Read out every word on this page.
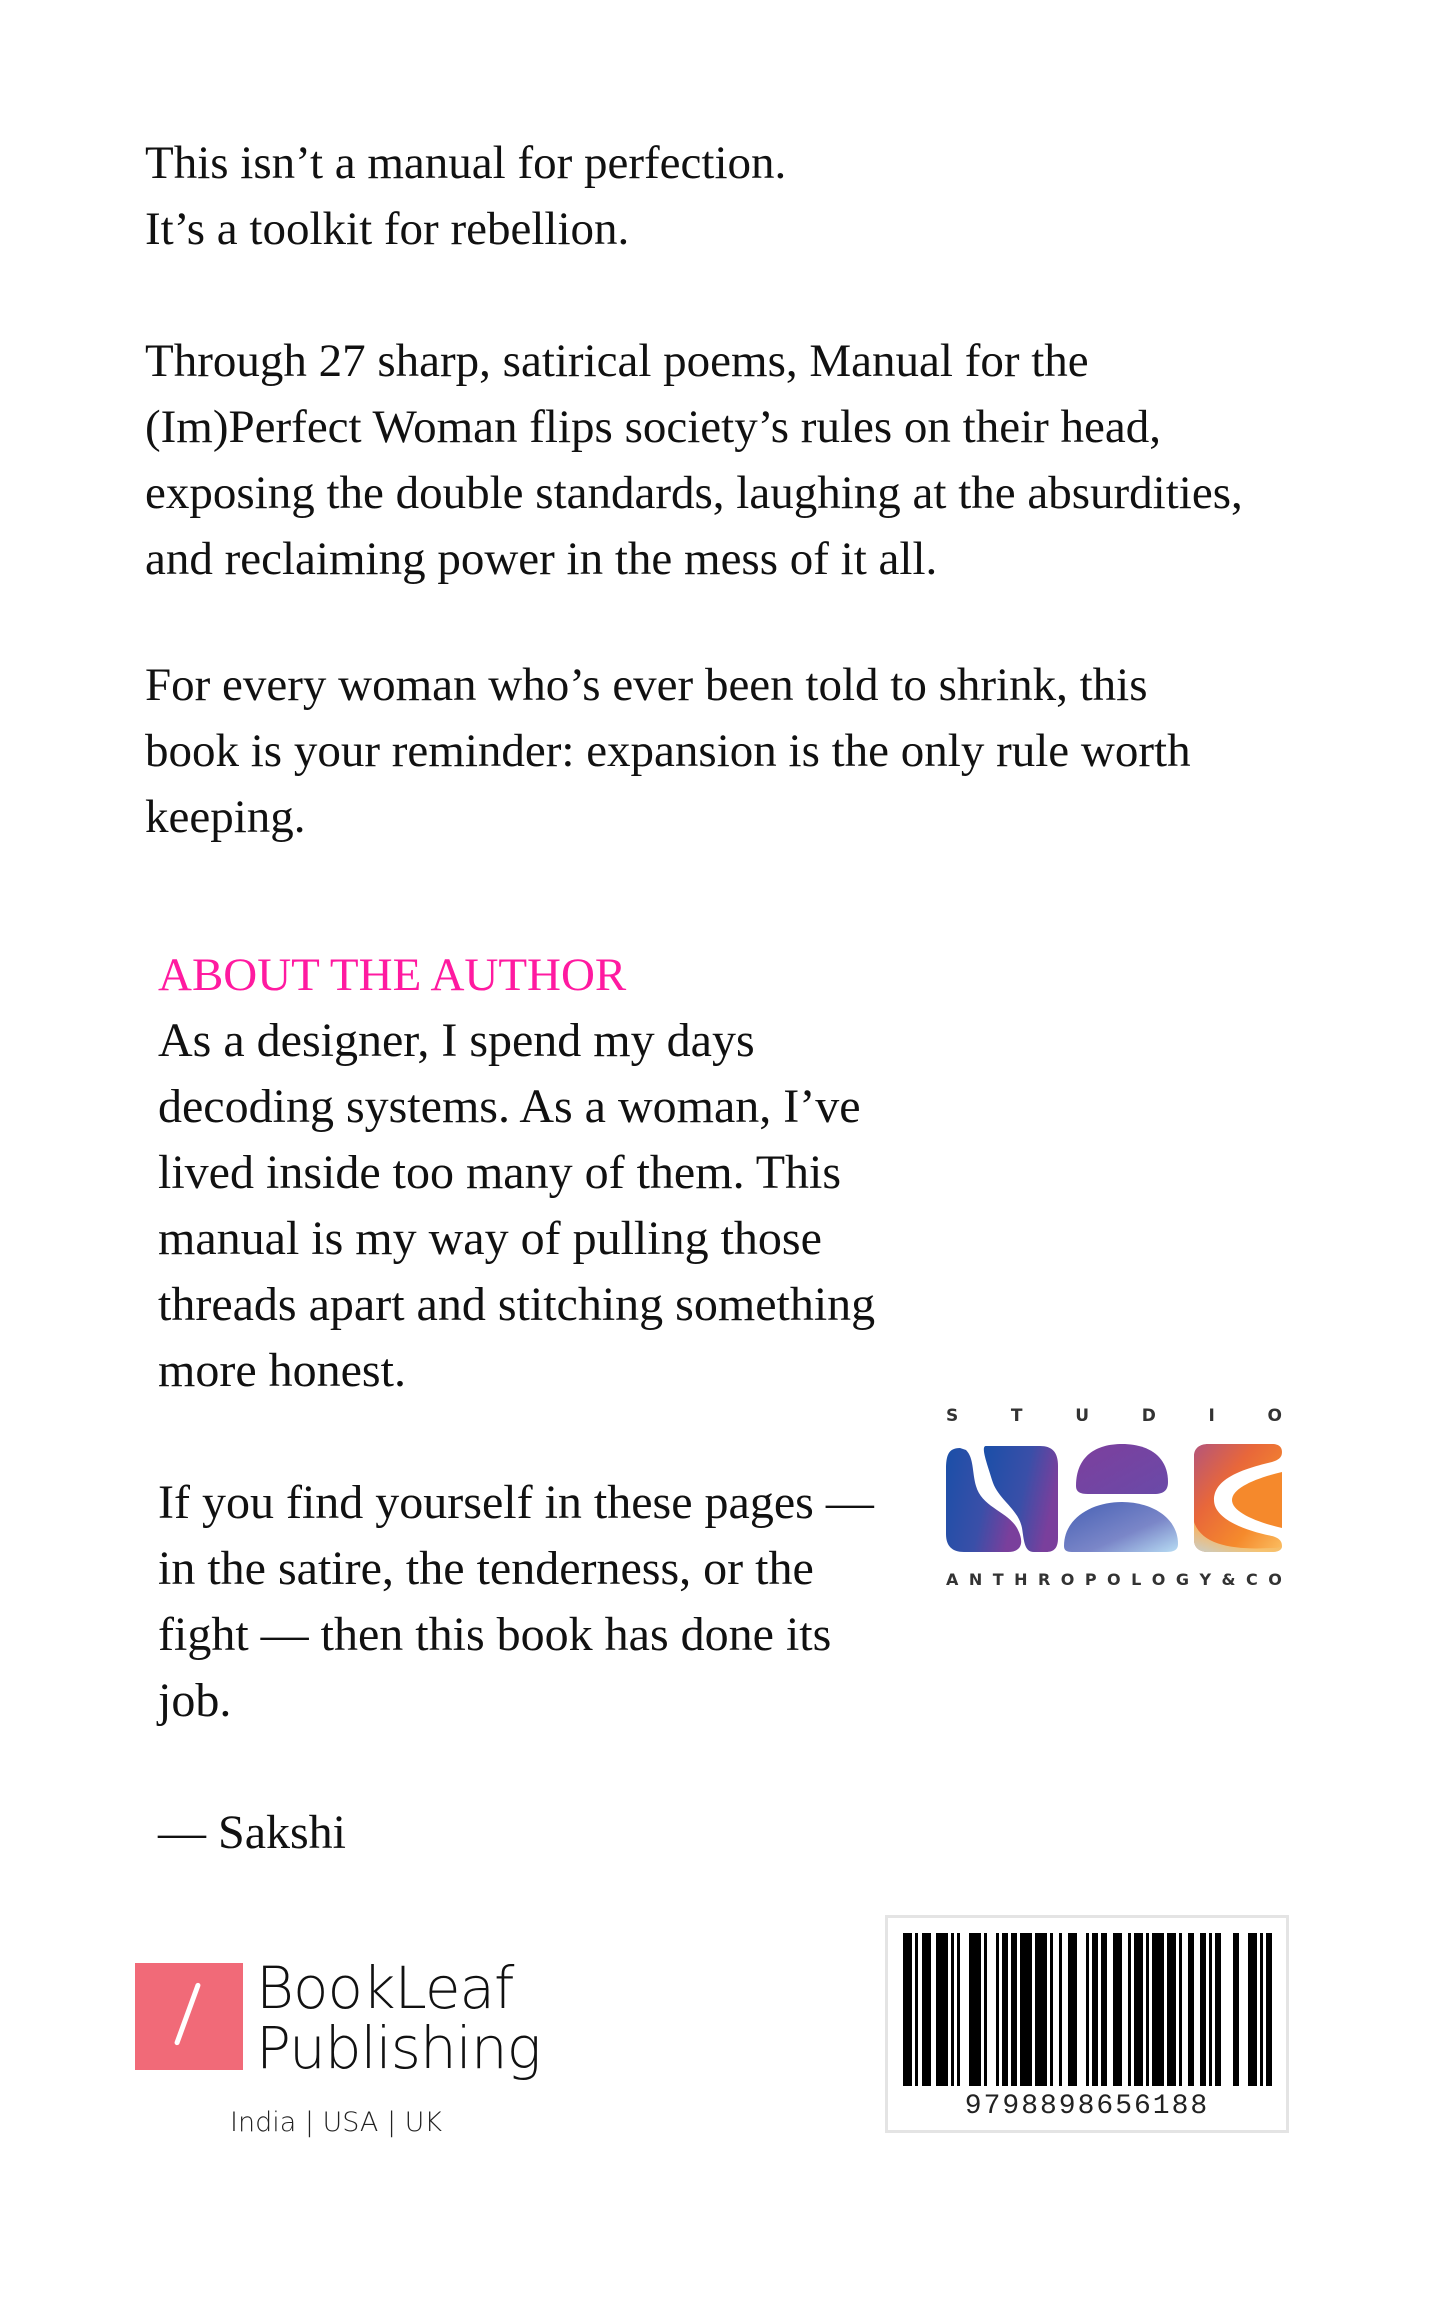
This isn’t a manual for perfection.
It’s a toolkit for rebellion.
Through 27 sharp, satirical poems, Manual for the
(Im)Perfect Woman flips society’s rules on their head,
exposing the double standards, laughing at the absurdities,
and reclaiming power in the mess of it all.
For every woman who’s ever been told to shrink, this
book is your reminder: expansion is the only rule worth
keeping.
ABOUT THE AUTHOR
As a designer, I spend my days
decoding systems. As a woman, I’ve
lived inside too many of them. This
manual is my way of pulling those
threads apart and stitching something
more honest.
If you find yourself in these pages —
in the satire, the tenderness, or the
fight — then this book has done its
job.
— Sakshi
S	T	U	D	I	O
A N T H R O P O L O G Y & C O
BookLeaf
Publishing
India | USA | UK
9798898656188
